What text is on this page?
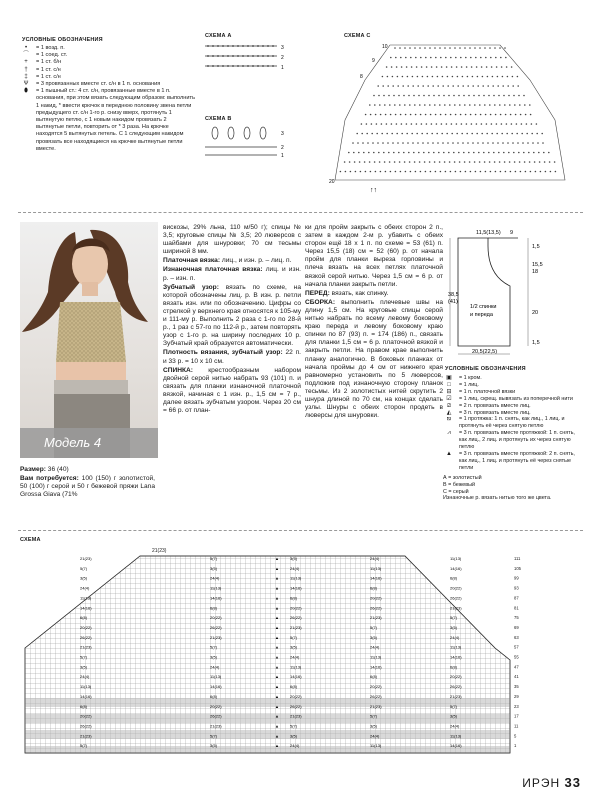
УСЛОВНЫЕ ОБОЗНАЧЕНИЯ
•	= 1 возд. п.
⌒	= 1 соед. ст.
+	= 1 ст. б/н
†	= 1 ст. с/н
‡	= 1 ст. с/н
Ѱ	= 3 провязанных вместе ст. с/н в 1 п. основания
⬮	= 1 пышный ст.: 4 ст. с/н, провязанные вместе в 1 п. основания, при этом вязать следующим образом: выполнить 1 накид, * ввести крючок в переднюю половину звена петли предыдущего ст. с/н 1-го р. снизу вверх, протянуть 1 вытянутую петлю, с 1 новым накидом провязать 2 вытянутые петли, повторить от * 3 раза. На крючке находятся 5 вытянутых петель. С 1 следующим накидом провязать все находящиеся на крючке вытянутые петли вместе.
СХЕМА А
3
2
1
СХЕМА В
3
2
1
СХЕМА С
10
9
8
20
↑↑
Модель 4

Размер: 36 (40)

Вам потребуется: 100 (150) г золотистой, 50 (100) г серой и 50 г бежевой пряжи Lana Grossa Giava (71%

вискозы, 29% льна, 110 м/50 г); спицы № 3,5; круговые спицы № 3,5; 20 люверсов с шайбами для шнуровки; 70 см тесьмы шириной 8 мм.

Платочная вязка: лиц., и изн. р. – лиц. п.

Изнаночная платочная вязка: лиц. и изн. р. – изн. п.

Зубчатый узор: вязать по схеме, на которой обозначены лиц. р. В изн. р. петли вязать изн. или по обозначению. Цифры со стрелкой у верхнего края относятся к 105-му и 111-му р. Выполнить 2 раза с 1-го по 28-й р., 1 раз с 57-го по 112-й р., затем повторять узор с 1-го р. на ширину последних 10 р. Зубчатый край образуется автоматически.

Плотность вязания, зубчатый узор: 22 п. и 33 р. = 10 х 10 см.

СПИНКА: крестообразным набором двойной серой нитью набрать 93 (101) п. и связать для планки изнаночной платочной вязкой, начиная с 1 изн. р., 1,5 см = 7 р., далее вязать зубчатым узором. Через 20 см = 66 р. от план-

ки для пройм закрыть с обеих сторон 2 п., затем в каждом 2-м р. убавить с обеих сторон ещё 18 х 1 п. по схеме = 53 (61) п. Через 15,5 (18) см = 52 (60) р. от начала пройм для планки выреза горловины и плеча вязать на всех петлях платочной вязкой серой нитью. Через 1,5 см = 6 р. от начала планки закрыть петли.

ПЕРЕД: вязать, как спинку.

СБОРКА: выполнить плечевые швы на длину 1,5 см. На круговые спицы серой нитью набрать по всему левому боковому краю переда и левому боковому краю спинки по 87 (93) п. = 174 (186) п., связать для планки 1,5 см = 6 р. платочной вязкой и закрыть петли. На правом крае выполнить планку аналогично. В боковых планках от начала проймы до 4 см от нижнего края равномерно установить по 5 люверсов, подложив под изнаночную сторону планок тесьмы. Из 2 золотистых нитей скрутить 2 шнура длиной по 70 см, на концах сделать узлы. Шнуры с обеих сторон продеть в люверсы для шнуровки.

11,5(13,5) 9
1,5
15,5
18
38,5
(41)
20
1,5
20,5(22,5)
1/2 спинки
и переда
УСЛОВНЫЕ ОБОЗНАЧЕНИЯ
▣	= 1 кром.
□	= 1 лиц.
⊟	= 1 п. платочной вязки
☑	= 1 лиц. скрещ. вывязать из поперечной нити
⧄	= 2 п. провязать вместе лиц.
◭	= 3 п. провязать вместе лиц.
⧅	= 1 протяжка: 1 п. снять, как лиц., 1 лиц. и протянуть её через снятую петлю
⩘	= 3 п. провязать вместе протяжкой: 1 п. снять, как лиц., 2 лиц. и протянуть их через снятую петлю
▲	= 3 п. провязать вместе протяжкой: 2 п. снять, как лиц., 1 лиц. и протянуть её через снятые петли
А = золотистый
В = бежевый
С = серый
Изнаночные р. вязать нитью того же цвета.
СХЕМА
21(23)	5(7)	3(5)	24(4)	11(13)
▲
5(7)	3(5)	24(4)	11(13)	14(16)
▲
3(5)	24(4)	11(13)	14(16)	6(8)
▲
24(4)	11(13)	14(16)	6(8)	20(22)
▲
11(13)	14(16)	6(8)	20(22)	26(22)
▲
14(16)	6(8)	20(22)	26(22)	21(23)
▲
6(8)	20(22)	26(22)	21(23)	5(7)
▲
20(22)	26(22)	21(23)	5(7)	3(5)
▲
26(22)	21(23)	5(7)	3(5)	24(4)
▲
21(23)	5(7)	3(5)	24(4)	11(13)
▲
5(7)	3(5)	24(4)	11(13)	14(16)
▲
3(5)	24(4)	11(13)	14(16)	6(8)
▲
24(4)	11(13)	14(16)	6(8)	20(22)
▲
11(13)	14(16)	6(8)	20(22)	26(22)
▲
14(16)	6(8)	20(22)	26(22)	21(23)
▲
6(8)	20(22)	26(22)	21(23)	5(7)
▲
20(22)	26(22)	21(23)	5(7)	3(5)
▲
26(22)	21(23)	5(7)	3(5)	24(4)
▲
21(23)	5(7)	3(5)	24(4)	11(13)
▲
5(7)	3(5)	24(4)	11(13)	14(16)
▲
111
105
99
93
87
81
75
69
63
57
55
47
41
35
29
23
17
11
5
1
21(23)
ИРЭН 33
